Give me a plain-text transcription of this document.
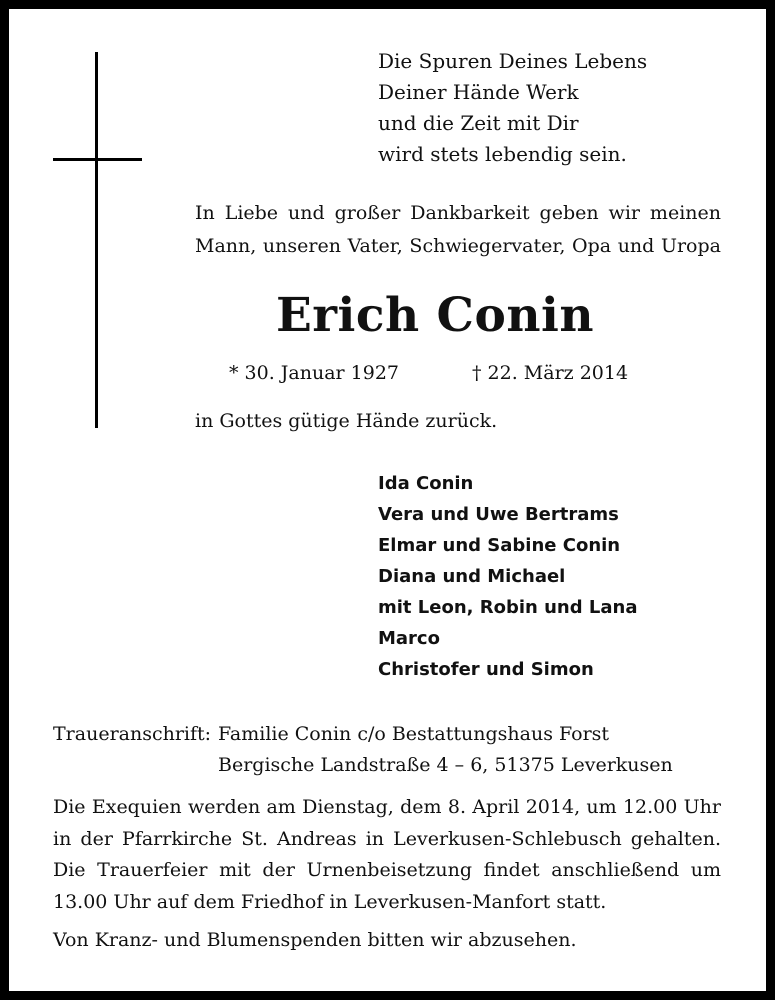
Die Spuren Deines Lebens
Deiner Hände Werk
und die Zeit mit Dir
wird stets lebendig sein.
In Liebe und großer Dankbarkeit geben wir meinen
Mann, unseren Vater, Schwiegervater, Opa und Uropa
Erich Conin
* 30. Januar 1927	† 22. März 2014
in Gottes gütige Hände zurück.
Ida Conin
Vera und Uwe Bertrams
Elmar und Sabine Conin
Diana und Michael
mit Leon, Robin und Lana
Marco
Christofer und Simon
Traueranschrift: Familie Conin c/o Bestattungshaus Forst
Bergische Landstraße 4 – 6, 51375 Leverkusen
Die Exequien werden am Dienstag, dem 8. April 2014, um 12.00 Uhr
in der Pfarrkirche St. Andreas in Leverkusen-Schlebusch gehalten.
Die Trauerfeier mit der Urnenbeisetzung findet anschließend um
13.00 Uhr auf dem Friedhof in Leverkusen-Manfort statt.
Von Kranz- und Blumenspenden bitten wir abzusehen.
